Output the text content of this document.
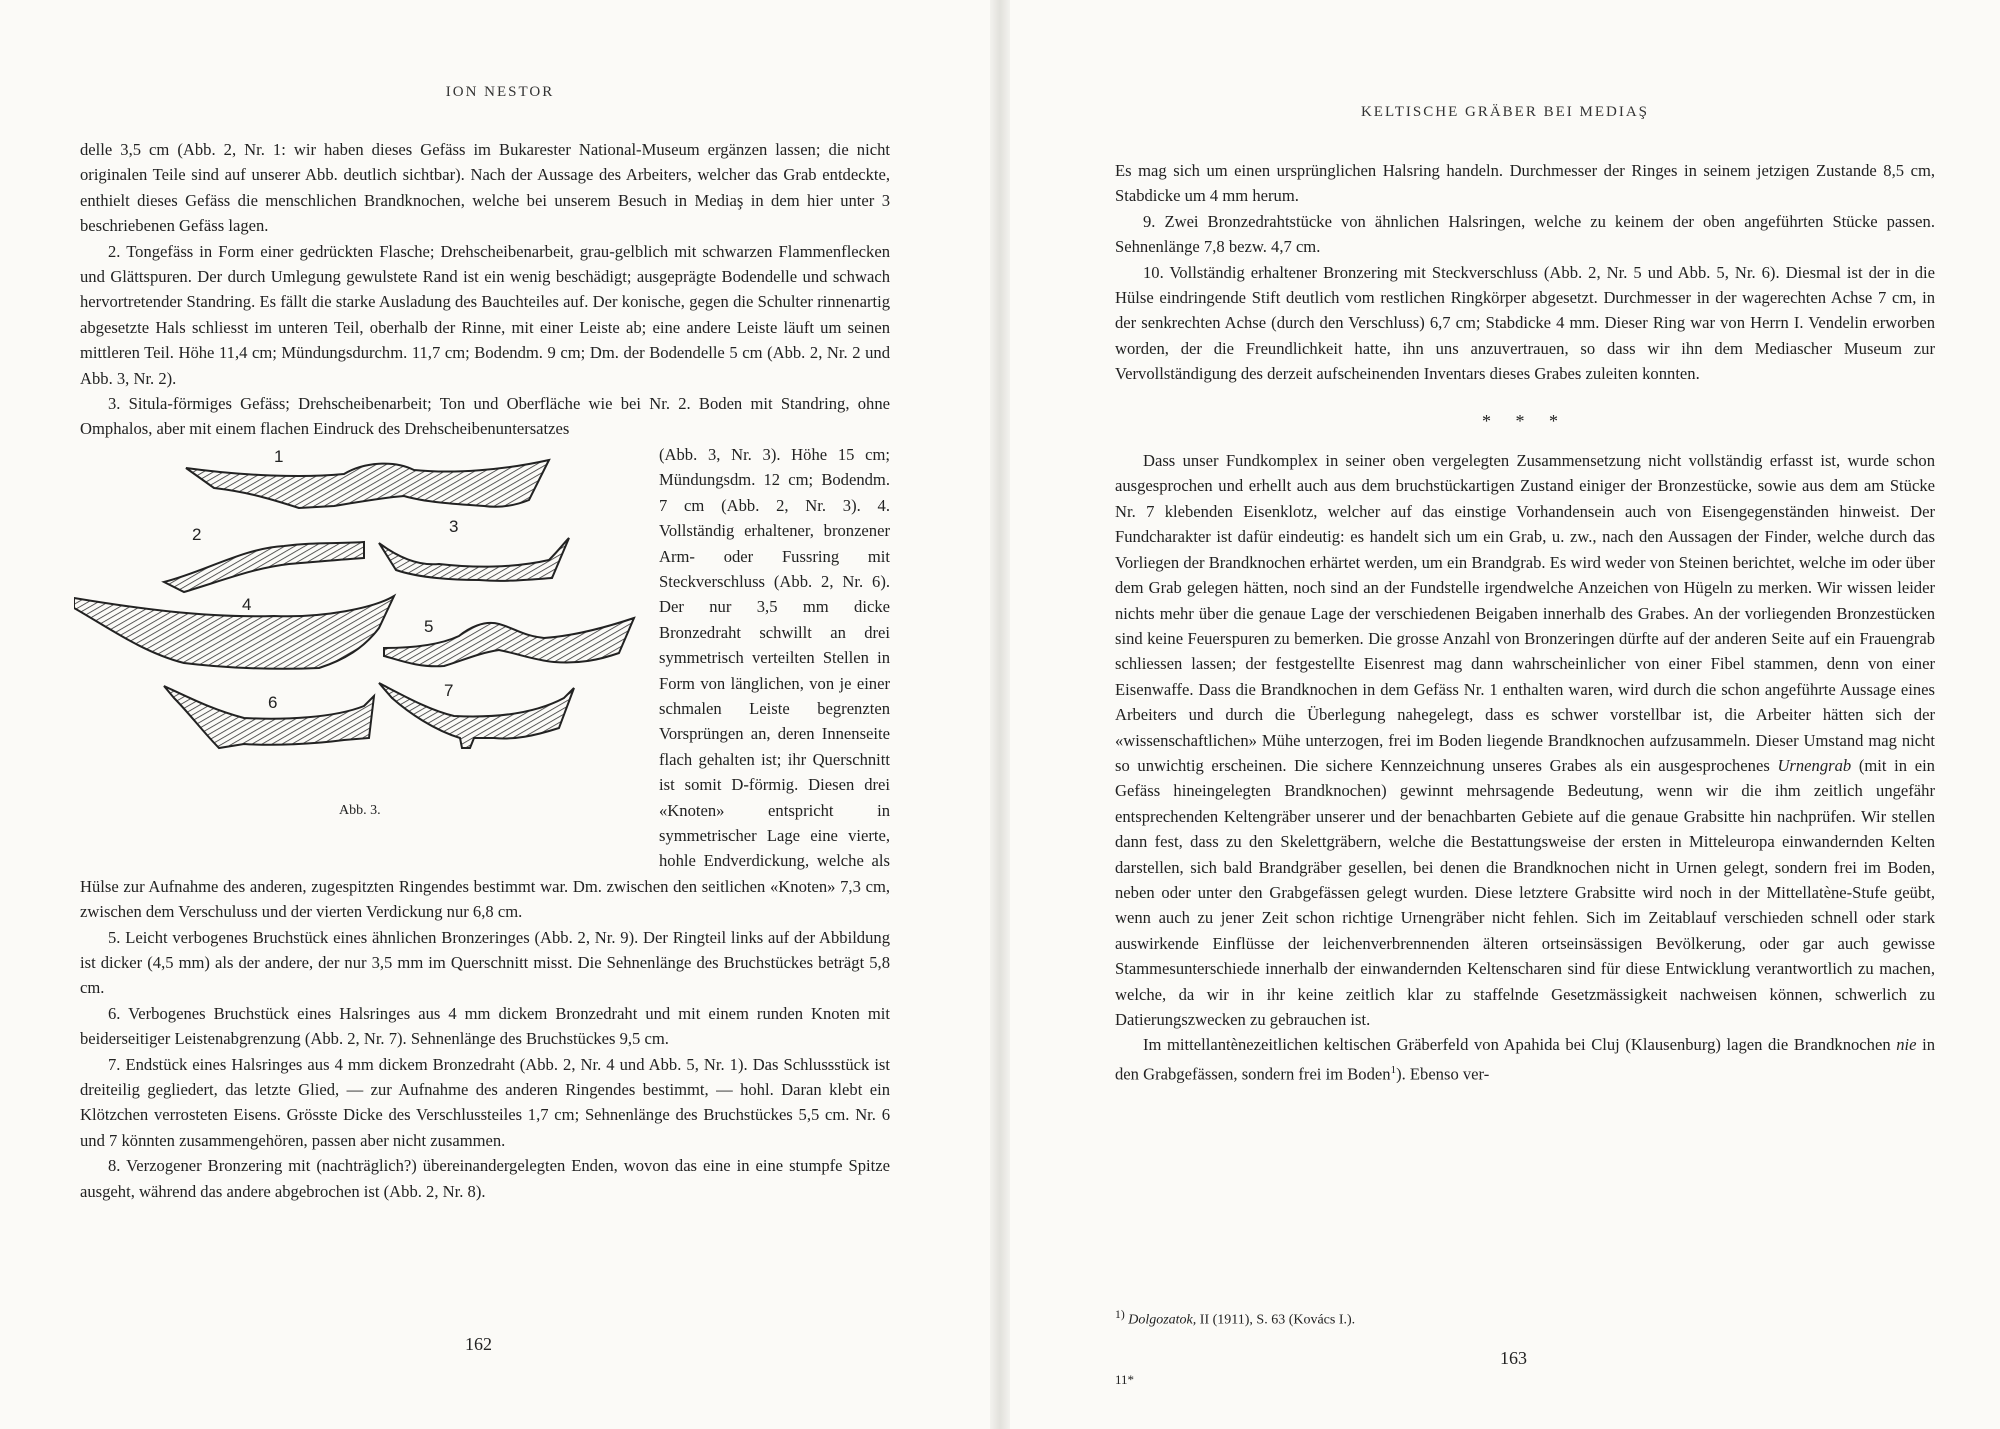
ION NESTOR

delle 3,5 cm (Abb. 2, Nr. 1: wir haben dieses Gefäss im Bukarester National-Museum ergänzen lassen; die nicht originalen Teile sind auf unserer Abb. deutlich sichtbar). Nach der Aussage des Arbeiters, welcher das Grab entdeckte, enthielt dieses Gefäss die menschlichen Brandknochen, welche bei unserem Besuch in Mediaş in dem hier unter 3 beschriebenen Gefäss lagen.

2. Tongefäss in Form einer gedrückten Flasche; Drehscheibenarbeit, grau-gelblich mit schwarzen Flammenflecken und Glättspuren. Der durch Umlegung gewulstete Rand ist ein wenig beschädigt; ausgeprägte Bodendelle und schwach hervortretender Standring. Es fällt die starke Ausladung des Bauchteiles auf. Der konische, gegen die Schulter rinnenartig abgesetzte Hals schliesst im unteren Teil, oberhalb der Rinne, mit einer Leiste ab; eine andere Leiste läuft um seinen mittleren Teil. Höhe 11,4 cm; Mündungsdurchm. 11,7 cm; Bodendm. 9 cm; Dm. der Bodendelle 5 cm (Abb. 2, Nr. 2 und Abb. 3, Nr. 2).

3. Situla-förmiges Gefäss; Drehscheibenarbeit; Ton und Oberfläche wie bei Nr. 2. Boden mit Standring, ohne Omphalos, aber mit einem flachen Eindruck des Drehscheibenuntersatzes

1
2	3
4
5
6
7
Abb. 3.

(Abb. 3, Nr. 3). Höhe 15 cm; Mündungsdm. 12 cm; Bodendm. 7 cm (Abb. 2, Nr. 3). 4. Vollständig erhaltener, bronzener Arm- oder Fussring mit Steckverschluss (Abb. 2, Nr. 6). Der nur 3,5 mm dicke Bronzedraht schwillt an drei symmetrisch verteilten Stellen in Form von länglichen, von je einer schmalen Leiste begrenzten Vorsprüngen an, deren Innenseite flach gehalten ist; ihr Querschnitt ist somit D-förmig. Diesen drei «Knoten» entspricht in symmetrischer Lage eine vierte, hohle Endverdickung, welche als Hülse zur Aufnahme des anderen, zugespitzten Ringendes bestimmt war. Dm. zwischen den seitlichen «Knoten» 7,3 cm, zwischen dem Verschuluss und der vierten Verdickung nur 6,8 cm.

5. Leicht verbogenes Bruchstück eines ähnlichen Bronzeringes (Abb. 2, Nr. 9). Der Ringteil links auf der Abbildung ist dicker (4,5 mm) als der andere, der nur 3,5 mm im Querschnitt misst. Die Sehnenlänge des Bruchstückes beträgt 5,8 cm.

6. Verbogenes Bruchstück eines Halsringes aus 4 mm dickem Bronzedraht und mit einem runden Knoten mit beiderseitiger Leistenabgrenzung (Abb. 2, Nr. 7). Sehnenlänge des Bruchstückes 9,5 cm.

7. Endstück eines Halsringes aus 4 mm dickem Bronzedraht (Abb. 2, Nr. 4 und Abb. 5, Nr. 1). Das Schlussstück ist dreiteilig gegliedert, das letzte Glied, — zur Aufnahme des anderen Ringendes bestimmt, — hohl. Daran klebt ein Klötzchen verrosteten Eisens. Grösste Dicke des Verschlussteiles 1,7 cm; Sehnenlänge des Bruchstückes 5,5 cm. Nr. 6 und 7 könnten zusammengehören, passen aber nicht zusammen.

8. Verzogener Bronzering mit (nachträglich?) übereinandergelegten Enden, wovon das eine in eine stumpfe Spitze ausgeht, während das andere abgebrochen ist (Abb. 2, Nr. 8).

162
KELTISCHE GRÄBER BEI MEDIAŞ

Es mag sich um einen ursprünglichen Halsring handeln. Durchmesser der Ringes in seinem jetzigen Zustande 8,5 cm, Stabdicke um 4 mm herum.

9. Zwei Bronzedrahtstücke von ähnlichen Halsringen, welche zu keinem der oben angeführten Stücke passen. Sehnenlänge 7,8 bezw. 4,7 cm.

10. Vollständig erhaltener Bronzering mit Steckverschluss (Abb. 2, Nr. 5 und Abb. 5, Nr. 6). Diesmal ist der in die Hülse eindringende Stift deutlich vom restlichen Ringkörper abgesetzt. Durchmesser in der wagerechten Achse 7 cm, in der senkrechten Achse (durch den Verschluss) 6,7 cm; Stabdicke 4 mm. Dieser Ring war von Herrn I. Vendelin erworben worden, der die Freundlichkeit hatte, ihn uns anzuvertrauen, so dass wir ihn dem Mediascher Museum zur Vervollständigung des derzeit aufscheinenden Inventars dieses Grabes zuleiten konnten.

* * *

Dass unser Fundkomplex in seiner oben vergelegten Zusammensetzung nicht vollständig erfasst ist, wurde schon ausgesprochen und erhellt auch aus dem bruchstückartigen Zustand einiger der Bronzestücke, sowie aus dem am Stücke Nr. 7 klebenden Eisenklotz, welcher auf das einstige Vorhandensein auch von Eisengegenständen hinweist. Der Fundcharakter ist dafür eindeutig: es handelt sich um ein Grab, u. zw., nach den Aussagen der Finder, welche durch das Vorliegen der Brandknochen erhärtet werden, um ein Brandgrab. Es wird weder von Steinen berichtet, welche im oder über dem Grab gelegen hätten, noch sind an der Fundstelle irgendwelche Anzeichen von Hügeln zu merken. Wir wissen leider nichts mehr über die genaue Lage der verschiedenen Beigaben innerhalb des Grabes. An der vorliegenden Bronzestücken sind keine Feuerspuren zu bemerken. Die grosse Anzahl von Bronzeringen dürfte auf der anderen Seite auf ein Frauengrab schliessen lassen; der festgestellte Eisenrest mag dann wahrscheinlicher von einer Fibel stammen, denn von einer Eisenwaffe. Dass die Brandknochen in dem Gefäss Nr. 1 enthalten waren, wird durch die schon angeführte Aussage eines Arbeiters und durch die Überlegung nahegelegt, dass es schwer vorstellbar ist, die Arbeiter hätten sich der «wissenschaftlichen» Mühe unterzogen, frei im Boden liegende Brandknochen aufzusammeln. Dieser Umstand mag nicht so unwichtig erscheinen. Die sichere Kennzeichnung unseres Grabes als ein ausgesprochenes Urnengrab (mit in ein Gefäss hineingelegten Brandknochen) gewinnt mehrsagende Bedeutung, wenn wir die ihm zeitlich ungefähr entsprechenden Keltengräber unserer und der benachbarten Gebiete auf die genaue Grabsitte hin nachprüfen. Wir stellen dann fest, dass zu den Skelettgräbern, welche die Bestattungsweise der ersten in Mitteleuropa einwandernden Kelten darstellen, sich bald Brandgräber gesellen, bei denen die Brandknochen nicht in Urnen gelegt, sondern frei im Boden, neben oder unter den Grabgefässen gelegt wurden. Diese letztere Grabsitte wird noch in der Mittellatène-Stufe geübt, wenn auch zu jener Zeit schon richtige Urnengräber nicht fehlen. Sich im Zeitablauf verschieden schnell oder stark auswirkende Einflüsse der leichenverbrennenden älteren ortseinsässigen Bevölkerung, oder gar auch gewisse Stammesunterschiede innerhalb der einwandernden Keltenscharen sind für diese Entwicklung verantwortlich zu machen, welche, da wir in ihr keine zeitlich klar zu staffelnde Gesetzmässigkeit nachweisen können, schwerlich zu Datierungszwecken zu gebrauchen ist.

Im mittellantènezeitlichen keltischen Gräberfeld von Apahida bei Cluj (Klausenburg) lagen die Brandknochen nie in den Grabgefässen, sondern frei im Boden$^1$). Ebenso ver-

$^{1)}$ Dolgozatok, II (1911), S. 63 (Kovács I.).
163
11*
